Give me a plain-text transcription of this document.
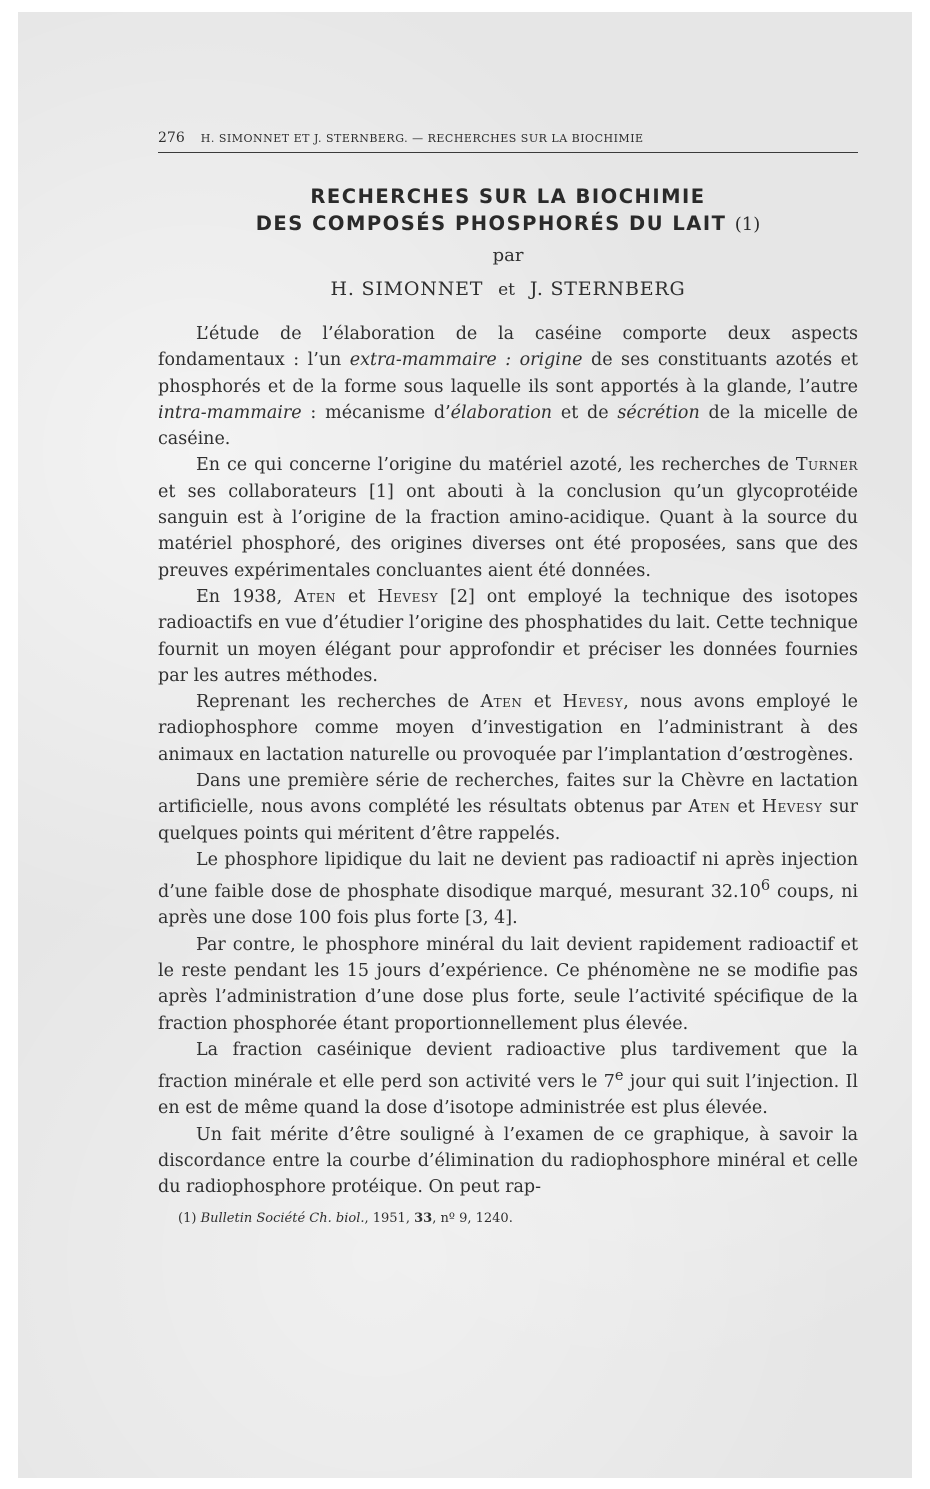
276 H. SIMONNET ET J. STERNBERG. — RECHERCHES SUR LA BIOCHIMIE
RECHERCHES SUR LA BIOCHIMIE
DES COMPOSÉS PHOSPHORÉS DU LAIT (1)
par
H. SIMONNET et J. STERNBERG

L’étude de l’élaboration de la caséine comporte deux aspects fondamentaux : l’un extra-mammaire : origine de ses constituants azotés et phosphorés et de la forme sous laquelle ils sont apportés à la glande, l’autre intra-mammaire : mécanisme d’élaboration et de sécrétion de la micelle de caséine.

En ce qui concerne l’origine du matériel azoté, les recherches de Turner et ses collaborateurs [1] ont abouti à la conclusion qu’un glycoprotéide sanguin est à l’origine de la fraction amino-acidique. Quant à la source du matériel phosphoré, des origines diverses ont été proposées, sans que des preuves expérimentales concluantes aient été données.

En 1938, Aten et Hevesy [2] ont employé la technique des isotopes radioactifs en vue d’étudier l’origine des phosphatides du lait. Cette technique fournit un moyen élégant pour approfondir et préciser les données fournies par les autres méthodes.

Reprenant les recherches de Aten et Hevesy, nous avons employé le radiophosphore comme moyen d’investigation en l’administrant à des animaux en lactation naturelle ou provoquée par l’implantation d’œstrogènes.

Dans une première série de recherches, faites sur la Chèvre en lactation artificielle, nous avons complété les résultats obtenus par Aten et Hevesy sur quelques points qui méritent d’être rappelés.

Le phosphore lipidique du lait ne devient pas radioactif ni après injection d’une faible dose de phosphate disodique marqué, mesurant 32.10$^6$ coups, ni après une dose 100 fois plus forte [3, 4].

Par contre, le phosphore minéral du lait devient rapidement radioactif et le reste pendant les 15 jours d’expérience. Ce phénomène ne se modifie pas après l’administration d’une dose plus forte, seule l’activité spécifique de la fraction phosphorée étant proportionnellement plus élevée.

La fraction caséinique devient radioactive plus tardivement que la fraction minérale et elle perd son activité vers le 7e jour qui suit l’injection. Il en est de même quand la dose d’isotope administrée est plus élevée.

Un fait mérite d’être souligné à l’examen de ce graphique, à savoir la discordance entre la courbe d’élimination du radiophosphore minéral et celle du radiophosphore protéique. On peut rap-

(1) Bulletin Société Ch. biol., 1951, 33, nº 9, 1240.
